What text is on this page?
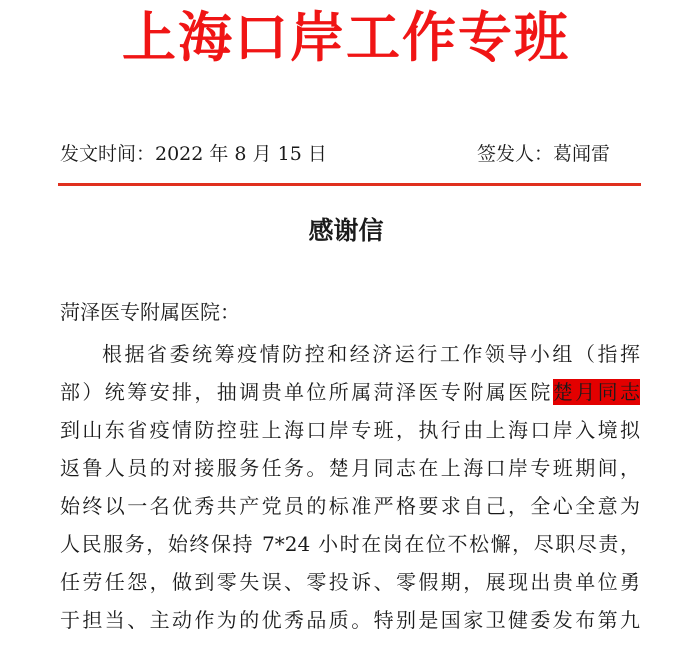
上海口岸工作专班
发文时间：2022 年 8 月 15 日	签发人：葛闻雷
感谢信
菏泽医专附属医院：
根据省委统筹疫情防控和经济运行工作领导小组（指挥
部）统筹安排，抽调贵单位所属菏泽医专附属医院楚月同志
到山东省疫情防控驻上海口岸专班，执行由上海口岸入境拟
返鲁人员的对接服务任务。楚月同志在上海口岸专班期间，
始终以一名优秀共产党员的标准严格要求自己，全心全意为
人民服务，始终保持 7*24 小时在岗在位不松懈，尽职尽责，
任劳任怨，做到零失误、零投诉、零假期，展现出贵单位勇
于担当、主动作为的优秀品质。特别是国家卫健委发布第九
